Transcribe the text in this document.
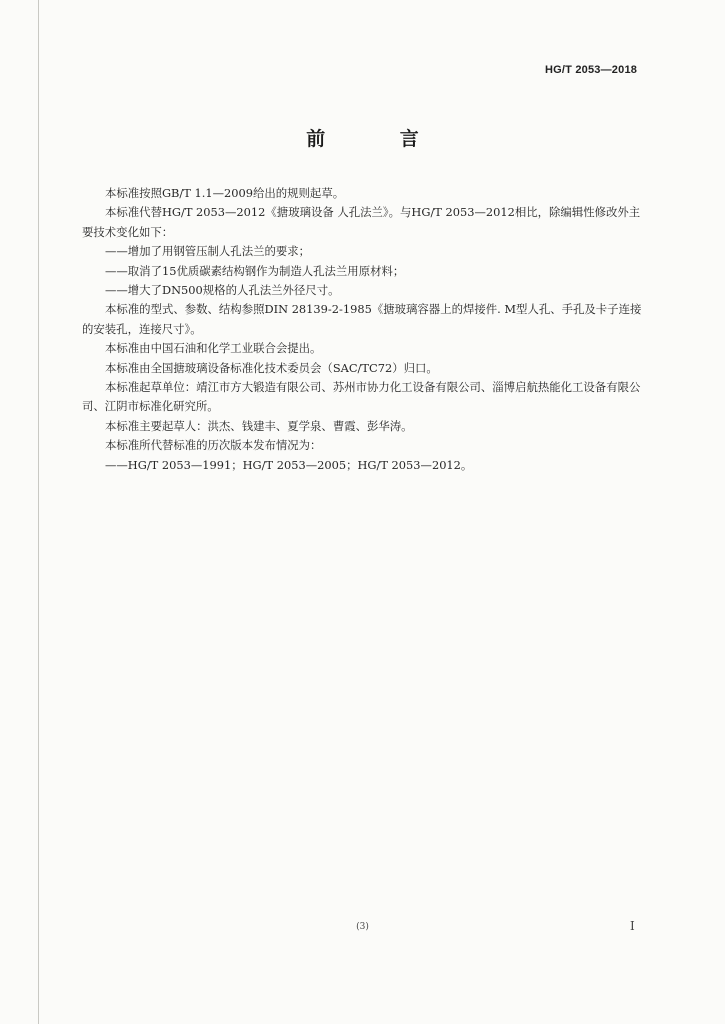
HG/T 2053—2018
前 言

本标准按照GB/T 1.1—2009给出的规则起草。

本标准代替HG/T 2053—2012《搪玻璃设备 人孔法兰》。与HG/T 2053—2012相比，除编辑性修改外主要技术变化如下：

——增加了用钢管压制人孔法兰的要求；

——取消了15优质碳素结构钢作为制造人孔法兰用原材料；

——增大了DN500规格的人孔法兰外径尺寸。

本标准的型式、参数、结构参照DIN 28139-2-1985《搪玻璃容器上的焊接件. M型人孔、手孔及卡子连接的安装孔，连接尺寸》。

本标准由中国石油和化学工业联合会提出。

本标准由全国搪玻璃设备标准化技术委员会（SAC/TC72）归口。

本标准起草单位：靖江市方大锻造有限公司、苏州市协力化工设备有限公司、淄博启航热能化工设备有限公司、江阴市标准化研究所。

本标准主要起草人：洪杰、钱建丰、夏学泉、曹霞、彭华涛。

本标准所代替标准的历次版本发布情况为：

——HG/T 2053—1991；HG/T 2053—2005；HG/T 2053—2012。

(3)	I
